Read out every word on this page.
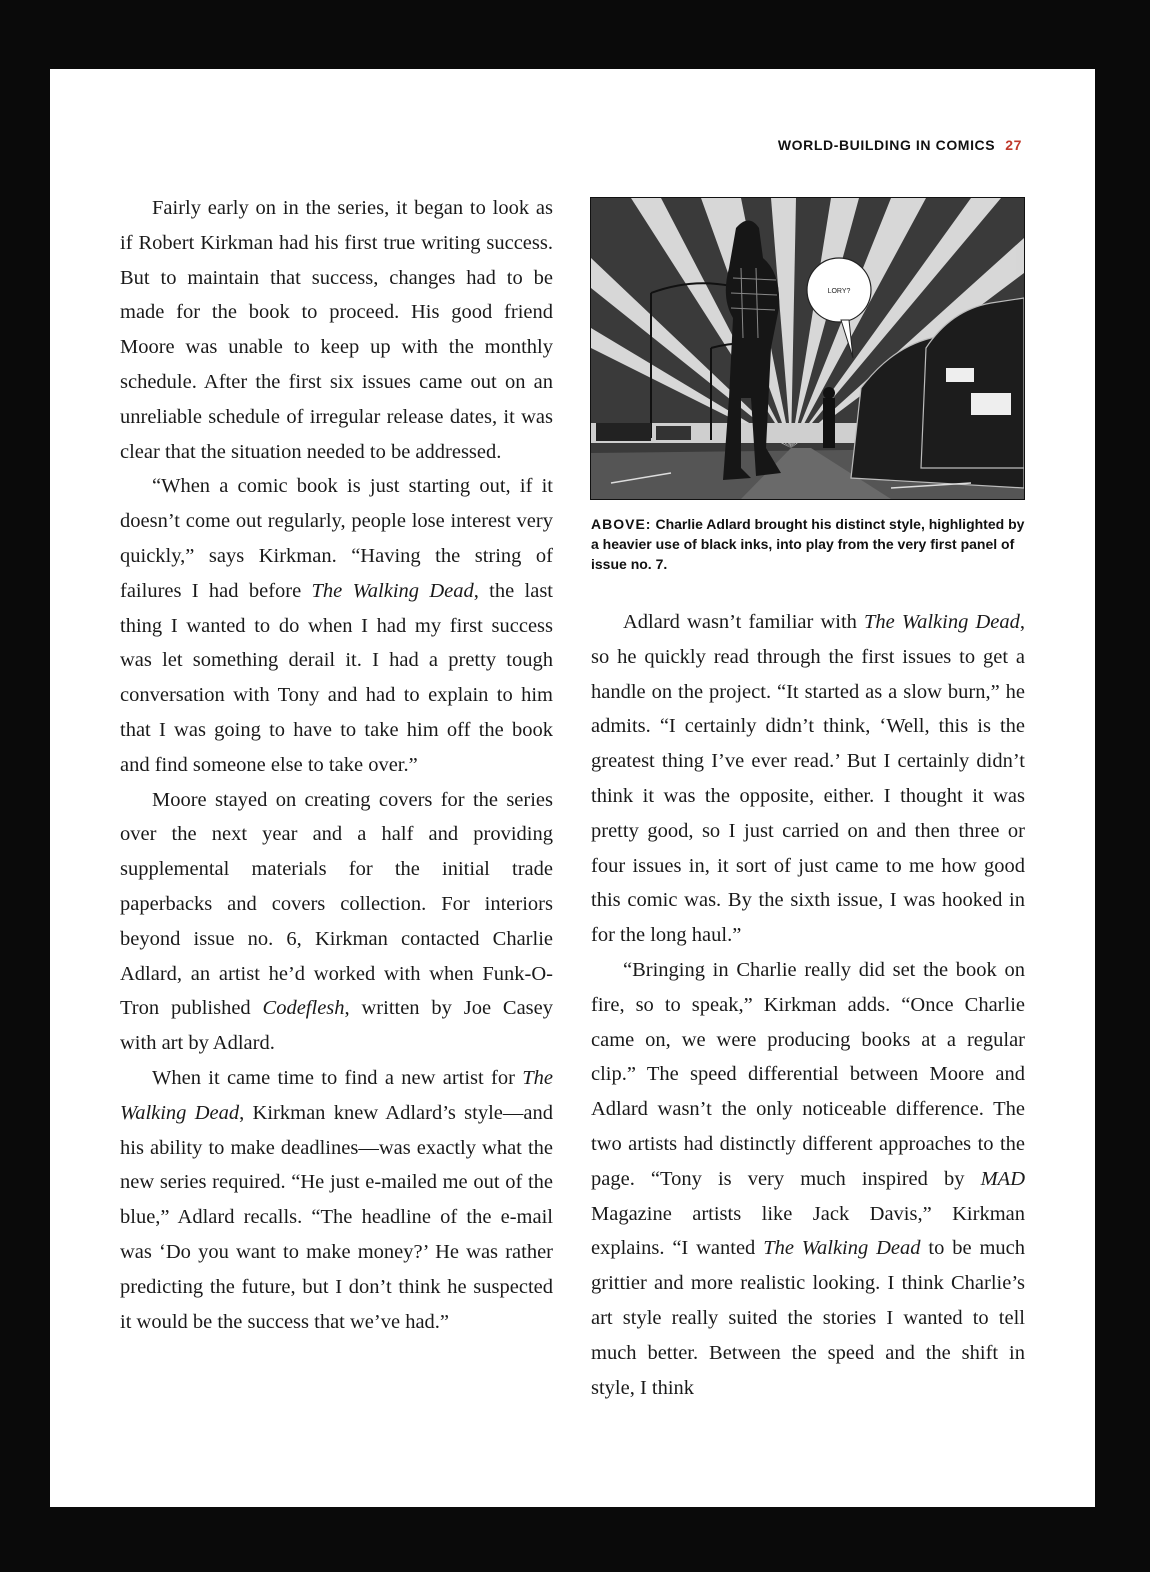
WORLD-BUILDING IN COMICS 27

Fairly early on in the series, it began to look as if Robert Kirkman had his first true writing success. But to maintain that success, changes had to be made for the book to proceed. His good friend Moore was unable to keep up with the monthly schedule. After the first six issues came out on an unreliable schedule of irregular release dates, it was clear that the situation needed to be addressed.

“When a comic book is just starting out, if it doesn’t come out regularly, people lose interest very quickly,” says Kirkman. “Having the string of failures I had before The Walking Dead, the last thing I wanted to do when I had my first success was let something derail it. I had a pretty tough conversation with Tony and had to explain to him that I was going to have to take him off the book and find someone else to take over.”

Moore stayed on creating covers for the series over the next year and a half and providing supplemental materials for the initial trade paperbacks and covers collection. For interiors beyond issue no. 6, Kirkman contacted Charlie Adlard, an artist he’d worked with when Funk-O-Tron published Codeflesh, written by Joe Casey with art by Adlard.

When it came time to find a new artist for The Walking Dead, Kirkman knew Adlard’s style—and his ability to make deadlines—was exactly what the new series required. “He just e-mailed me out of the blue,” Adlard recalls. “The headline of the e-mail was ‘Do you want to make money?’ He was rather predicting the future, but I don’t think he suspected it would be the success that we’ve had.”

LORY?
ABOVE: Charlie Adlard brought his distinct style, highlighted by a heavier use of black inks, into play from the very first panel of issue no. 7.

Adlard wasn’t familiar with The Walking Dead, so he quickly read through the first issues to get a handle on the project. “It started as a slow burn,” he admits. “I certainly didn’t think, ‘Well, this is the greatest thing I’ve ever read.’ But I certainly didn’t think it was the opposite, either. I thought it was pretty good, so I just carried on and then three or four issues in, it sort of just came to me how good this comic was. By the sixth issue, I was hooked in for the long haul.”

“Bringing in Charlie really did set the book on fire, so to speak,” Kirkman adds. “Once Charlie came on, we were producing books at a regular clip.” The speed differential between Moore and Adlard wasn’t the only noticeable difference. The two artists had distinctly different approaches to the page. “Tony is very much inspired by MAD Magazine artists like Jack Davis,” Kirkman explains. “I wanted The Walking Dead to be much grittier and more realistic looking. I think Charlie’s art style really suited the stories I wanted to tell much better. Between the speed and the shift in style, I think
